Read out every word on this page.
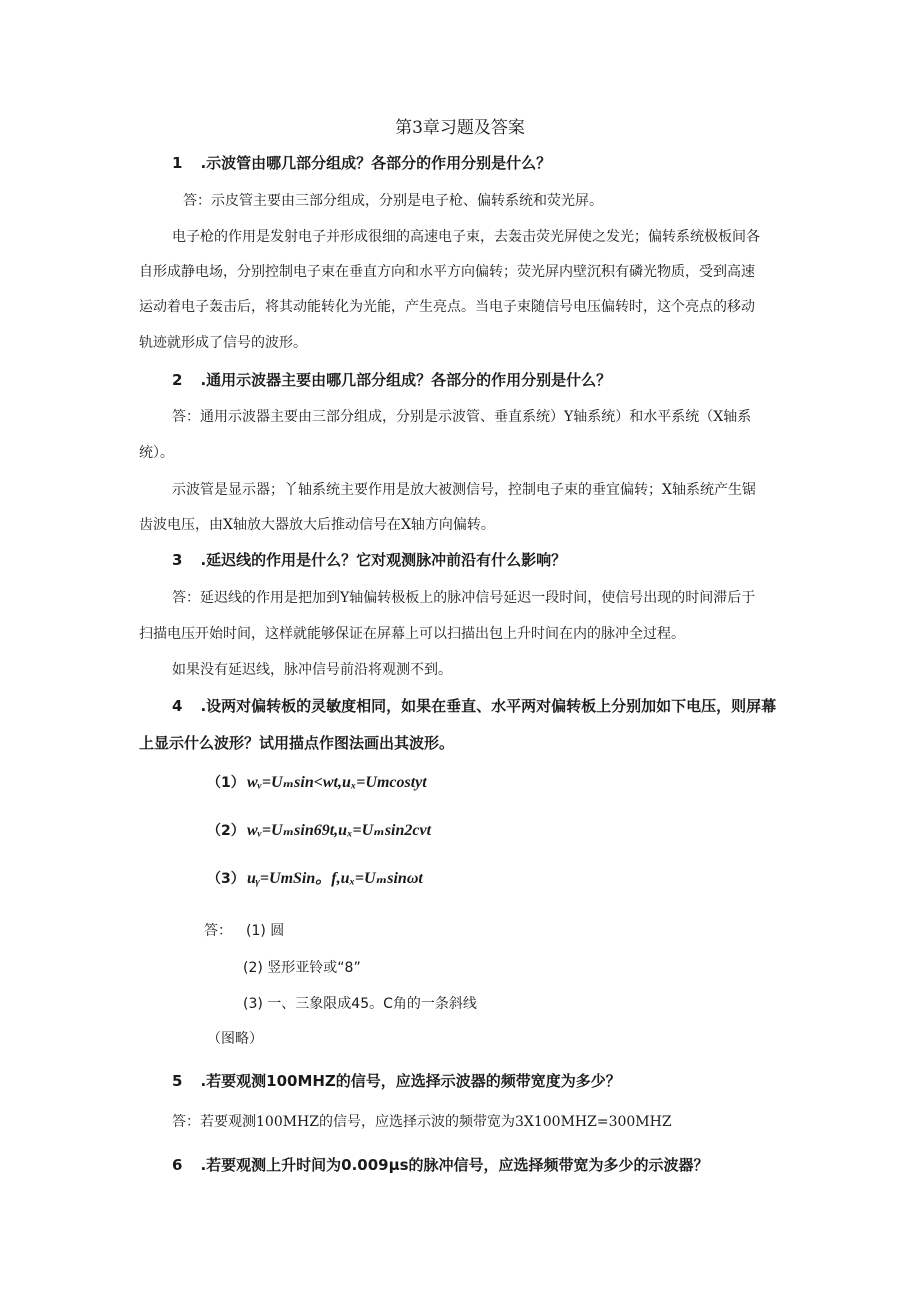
第3章习题及答案
1 .示波管由哪几部分组成？各部分的作用分别是什么？
答：示皮管主要由三部分组成，分别是电子枪、偏转系统和荧光屏。
电子枪的作用是发射电子并形成很细的高速电子束，去轰击荧光屏使之发光；偏转系统极板间各
自形成静电场，分别控制电子束在垂直方向和水平方向偏转；荧光屏内壁沉积有磷光物质，受到高速
运动着电子轰击后，将其动能转化为光能，产生亮点。当电子束随信号电压偏转时，这个亮点的移动
轨迹就形成了信号的波形。
2 .通用示波器主要由哪几部分组成？各部分的作用分别是什么？
答：通用示波器主要由三部分组成，分别是示波管、垂直系统）Y轴系统）和水平系统（X轴系
统）。
示波管是显示器；丫轴系统主要作用是放大被测信号，控制电子束的垂宜偏转；X轴系统产生锯
齿波电压，由X轴放大器放大后推动信号在X轴方向偏转。
3 .延迟线的作用是什么？它对观测脉冲前沿有什么影响？
答：延迟线的作用是把加到Y轴偏转极板上的脉冲信号延迟一段时间，使信号出现的时间滞后于
扫描电压开始时间，这样就能够保证在屏幕上可以扫描出包上升时间在内的脉冲全过程。
如果没有延迟线，脉冲信号前沿将观测不到。
4 .设两对偏转板的灵敏度相同，如果在垂直、水平两对偏转板上分别加如下电压，则屏幕
上显示什么波形？试用描点作图法画出其波形。
（1） wᵥ=Uₘsin<wt,uₓ=Umcostyt
（2） wᵥ=Uₘsin69t,uₓ=Uₘsin2cvt
（3） uᵧ=UmSin。f,uₓ=Uₘsinωt
答： (1) 圆
(2) 竖形亚铃或“8”
(3) 一、三象限成45。C角的一条斜线
（图略）
5 .若要观测100MHZ的信号，应选择示波器的频带宽度为多少？
答：若要观测100MHZ的信号，应选择示波的频带宽为3X100MHZ=300MHZ
6 .若要观测上升时间为0.009μs的脉冲信号，应选择频带宽为多少的示波器？
